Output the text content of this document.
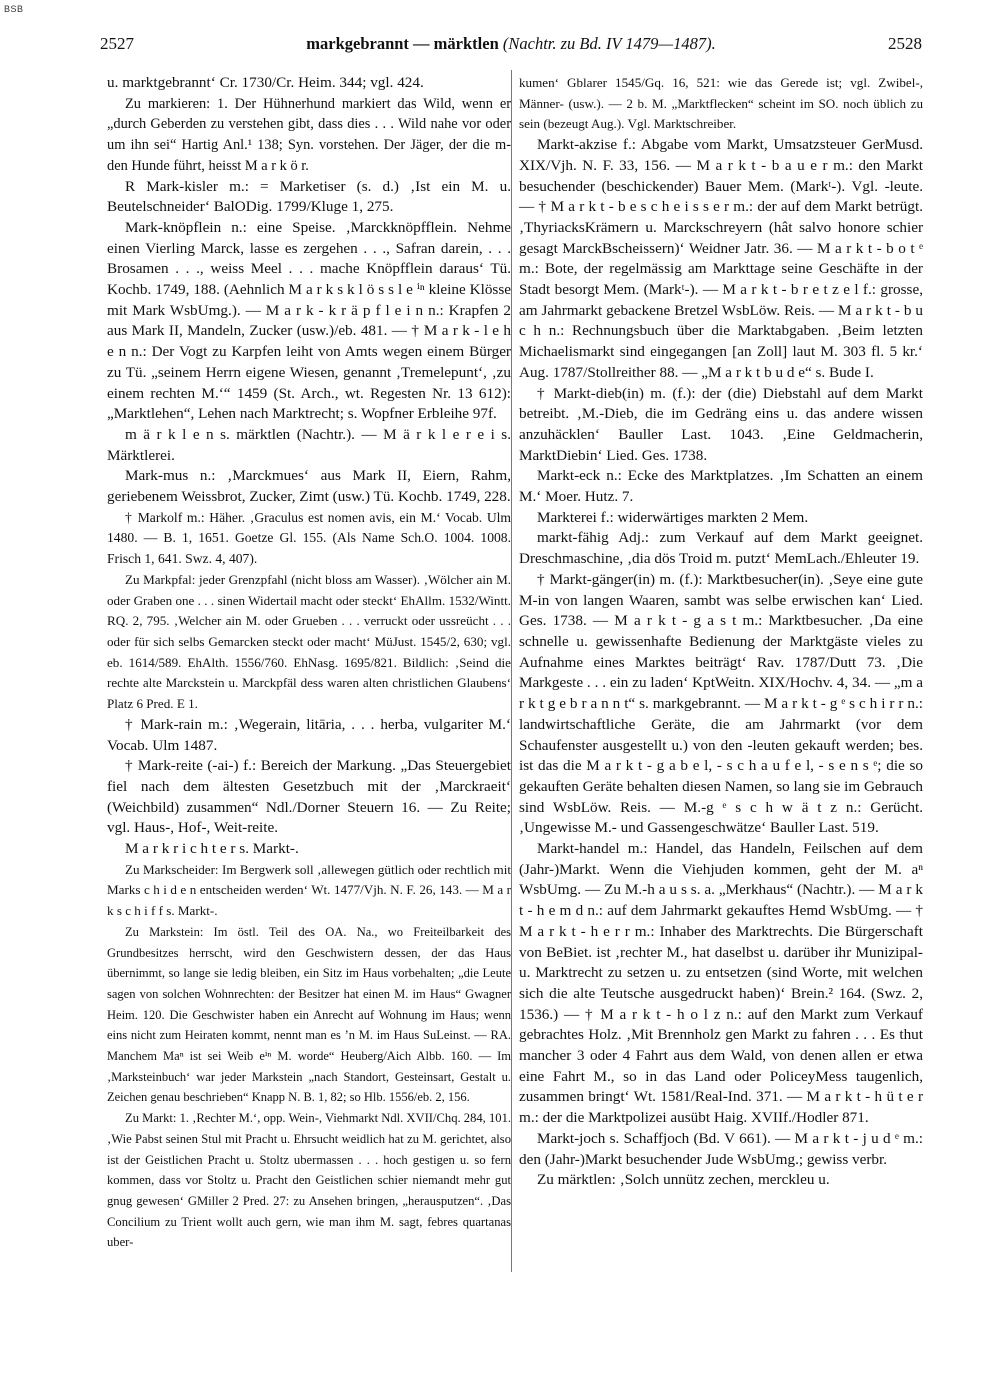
BSB
2527	markgebrannt — märktlen (Nachtr. zu Bd. IV 1479—1487).	2528

u. marktgebrannt‘ Cr. 1730/Cr. Heim. 344; vgl. 424.

Zu markieren: 1. Der Hühnerhund markiert das Wild, wenn er „durch Geberden zu verstehen gibt, dass dies . . . Wild nahe vor oder um ihn sei“ Hartig Anl.¹ 138; Syn. vorstehen. Der Jäger, der die m-den Hunde führt, heisst M a r k ö r.

R Mark-kisler m.: = Marketiser (s. d.) ‚Ist ein M. u. Beutelschneider‘ BalODig. 1799/Kluge 1, 275.

Mark-knöpflein n.: eine Speise. ‚Marckknöpfflein. Nehme einen Vierling Marck, lasse es zergehen . . ., Safran darein, . . . Brosamen . . ., weiss Meel . . . mache Knöpfflein daraus‘ Tü. Kochb. 1749, 188. (Aehnlich M a r k s k l ö s s l e ⁱⁿ kleine Klösse mit Mark WsbUmg.). — M a r k - k r ä p f l e i n n.: Krapfen 2 aus Mark II, Mandeln, Zucker (usw.)/eb. 481. — † M a r k - l e h e n n.: Der Vogt zu Karpfen leiht von Amts wegen einem Bürger zu Tü. „seinem Herrn eigene Wiesen, genannt ‚Tremelepunt‘, ‚zu einem rechten M.‘“ 1459 (St. Arch., wt. Regesten Nr. 13 612): „Marktlehen“, Lehen nach Marktrecht; s. Wopfner Erbleihe 97f.

m ä r k l e n s. märktlen (Nachtr.). — M ä r k l e r e i s. Märktlerei.

Mark-mus n.: ‚Marckmues‘ aus Mark II, Eiern, Rahm, geriebenem Weissbrot, Zucker, Zimt (usw.) Tü. Kochb. 1749, 228.

† Markolf m.: Häher. ‚Graculus est nomen avis, ein M.‘ Vocab. Ulm 1480. — B. 1, 1651. Goetze Gl. 155. (Als Name Sch.O. 1004. 1008. Frisch 1, 641. Swz. 4, 407).

Zu Markpfal: jeder Grenzpfahl (nicht bloss am Wasser). ‚Wölcher ain M. oder Graben one . . . sinen Widertail macht oder steckt‘ EhAllm. 1532/Wintt. RQ. 2, 795. ‚Welcher ain M. oder Grueben . . . verruckt oder ussreücht . . . oder für sich selbs Gemarcken steckt oder macht‘ MüJust. 1545/2, 630; vgl. eb. 1614/589. EhAlth. 1556/760. EhNasg. 1695/821. Bildlich: ‚Seind die rechte alte Marckstein u. Marckpfäl dess waren alten christlichen Glaubens‘ Platz 6 Pred. E 1.

† Mark-rain m.: ‚Wegerain, litāria, . . . herba, vulgariter M.‘ Vocab. Ulm 1487.

† Mark-reite (-ai-) f.: Bereich der Markung. „Das Steuergebiet fiel nach dem ältesten Gesetzbuch mit der ‚Marckraeit‘ (Weichbild) zusammen“ Ndl./Dorner Steuern 16. — Zu Reite; vgl. Haus-, Hof-, Weit-reite.

M a r k r i c h t e r s. Markt-.

Zu Markscheider: Im Bergwerk soll ‚allewegen gütlich oder rechtlich mit Marks c h i d e n entscheiden werden‘ Wt. 1477/Vjh. N. F. 26, 143. — M a r k s c h i f f s. Markt-.

Zu Markstein: Im östl. Teil des OA. Na., wo Freiteilbarkeit des Grundbesitzes herrscht, wird den Geschwistern dessen, der das Haus übernimmt, so lange sie ledig bleiben, ein Sitz im Haus vorbehalten; „die Leute sagen von solchen Wohnrechten: der Besitzer hat einen M. im Haus“ Gwagner Heim. 120. Die Geschwister haben ein Anrecht auf Wohnung im Haus; wenn eins nicht zum Heiraten kommt, nennt man es ’n M. im Haus SuLeinst. — RA. Manchem Maⁿ ist sei Weib eⁱⁿ M. worde“ Heuberg/Aich Albb. 160. — Im ‚Marksteinbuch‘ war jeder Markstein „nach Standort, Gesteinsart, Gestalt u. Zeichen genau beschrieben“ Knapp N. B. 1, 82; so Hlb. 1556/eb. 2, 156.

Zu Markt: 1. ‚Rechter M.‘, opp. Wein-, Viehmarkt Ndl. XVII/Chq. 284, 101. ‚Wie Pabst seinen Stul mit Pracht u. Ehrsucht weidlich hat zu M. gerichtet, also ist der Geistlichen Pracht u. Stoltz ubermassen . . . hoch gestigen u. so fern kommen, dass vor Stoltz u. Pracht den Geistlichen schier niemandt mehr gut gnug gewesen‘ GMiller 2 Pred. 27: zu Ansehen bringen, „herausputzen“. ‚Das Concilium zu Trient wollt auch gern, wie man ihm M. sagt, febres quartanas uber-

kumen‘ Gblarer 1545/Gq. 16, 521: wie das Gerede ist; vgl. Zwibel-, Männer- (usw.). — 2 b. M. „Marktflecken“ scheint im SO. noch üblich zu sein (bezeugt Aug.). Vgl. Marktschreiber.

Markt-akzise f.: Abgabe vom Markt, Umsatzsteuer GerMusd. XIX/Vjh. N. F. 33, 156. — M a r k t - b a u e r m.: den Markt besuchender (beschickender) Bauer Mem. (Markᵗ-). Vgl. -leute. — † M a r k t - b e s c h e i s s e r m.: der auf dem Markt betrügt. ‚ThyriacksKrämern u. Marckschreyern (hât salvo honore schier gesagt MarckBscheissern)‘ Weidner Jatr. 36. — M a r k t - b o t ᵉ m.: Bote, der regelmässig am Markttage seine Geschäfte in der Stadt besorgt Mem. (Markᵗ-). — M a r k t - b r e t z e l f.: grosse, am Jahrmarkt gebackene Bretzel WsbLöw. Reis. — M a r k t - b u c h n.: Rechnungsbuch über die Marktabgaben. ‚Beim letzten Michaelismarkt sind eingegangen [an Zoll] laut M. 303 fl. 5 kr.‘ Aug. 1787/Stollreither 88. — „M a r k t b u d e“ s. Bude I.

† Markt-dieb(in) m. (f.): der (die) Diebstahl auf dem Markt betreibt. ‚M.-Dieb, die im Gedräng eins u. das andere wissen anzuhäcklen‘ Bauller Last. 1043. ‚Eine Geldmacherin, MarktDiebin‘ Lied. Ges. 1738.

Markt-eck n.: Ecke des Marktplatzes. ‚Im Schatten an einem M.‘ Moer. Hutz. 7.

Markterei f.: widerwärtiges markten 2 Mem.

markt-fähig Adj.: zum Verkauf auf dem Markt geeignet. Dreschmaschine, ‚dia dös Troid m. putzt‘ MemLach./Ehleuter 19.

† Markt-gänger(in) m. (f.): Marktbesucher(in). ‚Seye eine gute M-in von langen Waaren, sambt was selbe erwischen kan‘ Lied. Ges. 1738. — M a r k t - g a s t m.: Marktbesucher. ‚Da eine schnelle u. gewissenhafte Bedienung der Marktgäste vieles zu Aufnahme eines Marktes beiträgt‘ Rav. 1787/Dutt 73. ‚Die Markgeste . . . ein zu laden‘ KptWeitn. XIX/Hochv. 4, 34. — „m a r k t g e b r a n n t“ s. markgebrannt. — M a r k t - g ᵉ s c h i r r n.: landwirtschaftliche Geräte, die am Jahrmarkt (vor dem Schaufenster ausgestellt u.) von den -leuten gekauft werden; bes. ist das die M a r k t - g a b e l, - s c h a u f e l, - s e n s ᵉ; die so gekauften Geräte behalten diesen Namen, so lang sie im Gebrauch sind WsbLöw. Reis. — M.-g ᵉ s c h w ä t z n.: Gerücht. ‚Ungewisse M.- und Gassengeschwätze‘ Bauller Last. 519.

Markt-handel m.: Handel, das Handeln, Feilschen auf dem (Jahr-)Markt. Wenn die Viehjuden kommen, geht der M. aⁿ WsbUmg. — Zu M.-h a u s s. a. „Merkhaus“ (Nachtr.). — M a r k t - h e m d n.: auf dem Jahrmarkt gekauftes Hemd WsbUmg. — † M a r k t - h e r r m.: Inhaber des Marktrechts. Die Bürgerschaft von BeBiet. ist ‚rechter M., hat daselbst u. darüber ihr Munizipal- u. Marktrecht zu setzen u. zu entsetzen (sind Worte, mit welchen sich die alte Teutsche ausgedruckt haben)‘ Brein.² 164. (Swz. 2, 1536.) — † M a r k t - h o l z n.: auf den Markt zum Verkauf gebrachtes Holz. ‚Mit Brennholz gen Markt zu fahren . . . Es thut mancher 3 oder 4 Fahrt aus dem Wald, von denen allen er etwa eine Fahrt M., so in das Land oder PoliceyMess taugenlich, zusammen bringt‘ Wt. 1581/Real-Ind. 371. — M a r k t - h ü t e r m.: der die Marktpolizei ausübt Haig. XVIIf./Hodler 871.

Markt-joch s. Schaffjoch (Bd. V 661). — M a r k t - j u d ᵉ m.: den (Jahr-)Markt besuchender Jude WsbUmg.; gewiss verbr.

Zu märktlen: ‚Solch unnütz zechen, merckleu u.
